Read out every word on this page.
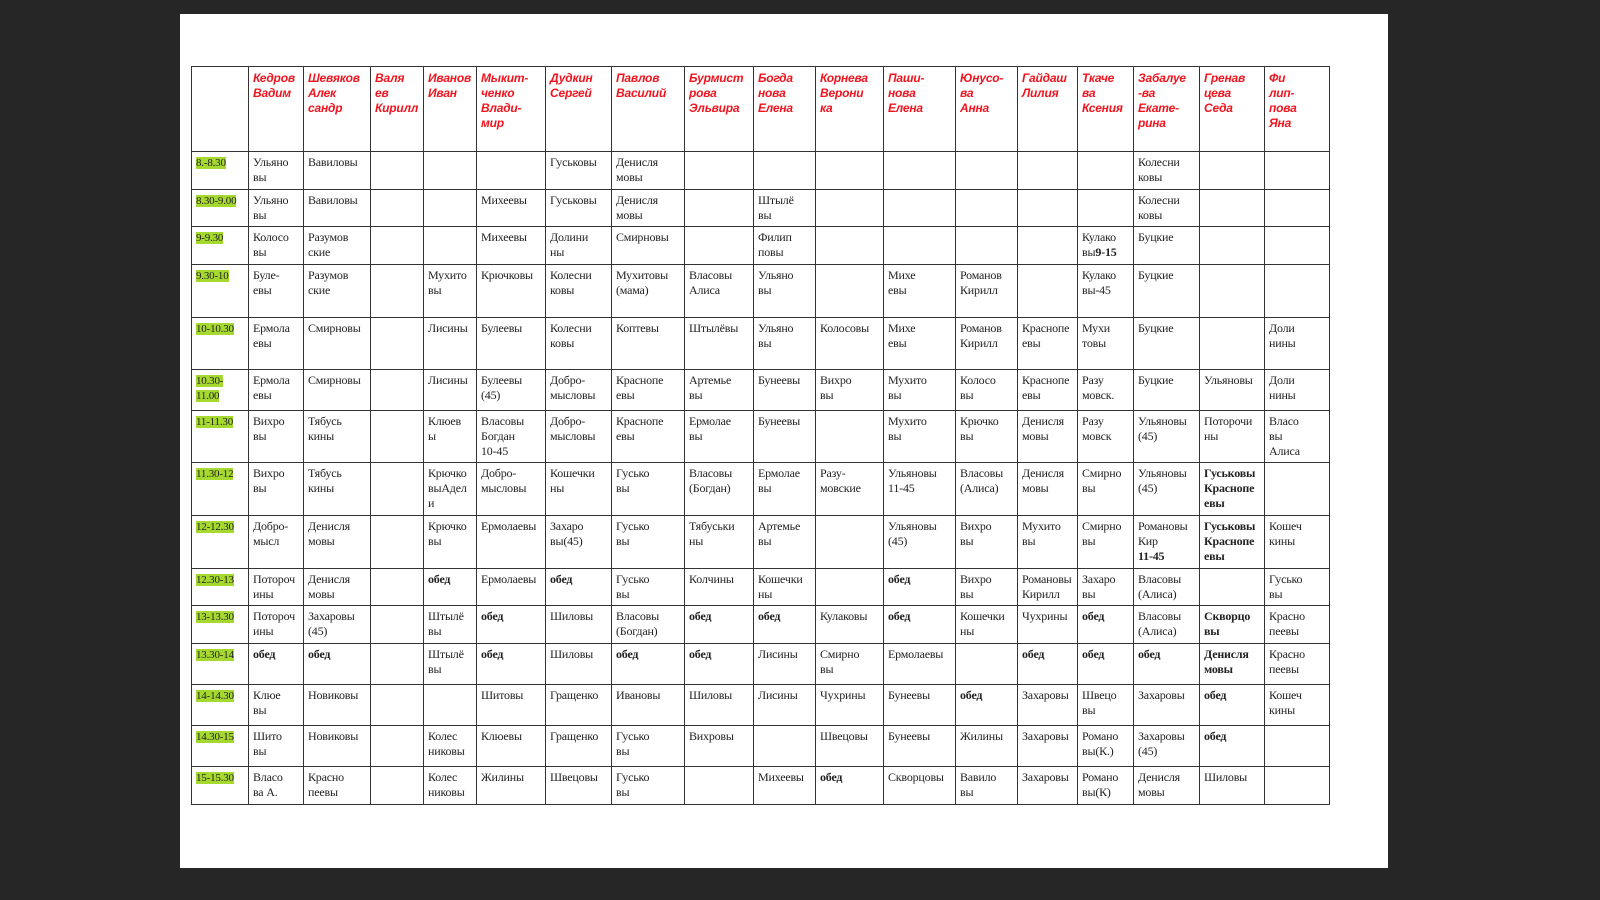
	Кедров
Вадим	Шевяков
Алек
сандр	Валя
ев
Кирилл	Иванов
Иван	Мыкит-
ченко
Влади-
мир	Дудкин
Сергей	Павлов
Василий	Бурмист
рова
Эльвира	Богда
нова
Елена	Корнева
Верони
ка	Паши-
нова
Елена	Юнусо-
ва
Анна	Гайдаш
Лилия	Ткаче
ва
Ксения	Забалуе
-ва
Екате-
рина	Гренав
цева
Седа	Фи
лип-
пова
Яна
8.-8.30	Ульяно
вы	Вавиловы				Гуськовы	Денисля
мовы								Колесни
ковы		
8.30-9.00	Ульяно
вы	Вавиловы			Михеевы	Гуськовы	Денисля
мовы		Штылё
вы						Колесни
ковы		
9-9.30	Колосо
вы	Разумов
ские			Михеевы	Долини
ны	Смирновы		Филип
повы					Кулако
вы9-15	Буцкие		
9.30-10	Буле-
евы	Разумов
ские		Мухито
вы	Крючковы	Колесни
ковы	Мухитовы
(мама)	Власовы
Алиса	Ульяно
вы		Михе
евы	Романов
Кирилл		Кулако
вы-45	Буцкие		
10-10.30	Ермола
евы	Смирновы		Лисины	Булеевы	Колесни
ковы	Коптевы	Штылёвы	Ульяно
вы	Колосовы	Михе
евы	Романов
Кирилл	Краснопе
евы	Мухи
товы	Буцкие		Доли
нины
10.30-
11.00	Ермола
евы	Смирновы		Лисины	Булеевы
(45)	Добро-
мысловы	Краснопе
евы	Артемье
вы	Бунеевы	Вихро
вы	Мухито
вы	Колосо
вы	Краснопе
евы	Разу
мовск.	Буцкие	Ульяновы	Доли
нины
11-11.30	Вихро
вы	Тябусь
кины		Клюев
ы	Власовы
Богдан
10-45	Добро-
мысловы	Краснопе
евы	Ермолае
вы	Бунеевы		Мухито
вы	Крючко
вы	Денисля
мовы	Разу
мовск	Ульяновы
(45)	Поторочи
ны	Власо
вы
Алиса
11.30-12	Вихро
вы	Тябусь
кины		Крючко
выАдел
и	Добро-
мысловы	Кошечки
ны	Гусько
вы	Власовы
(Богдан)	Ермолае
вы	Разу-
мовские	Ульяновы
11-45	Власовы
(Алиса)	Денисля
мовы	Смирно
вы	Ульяновы
(45)	Гуськовы
Краснопе
евы	
12-12.30	Добро-
мысл	Денисля
мовы		Крючко
вы	Ермолаевы	Захаро
вы(45)	Гусько
вы	Тябуськи
ны	Артемье
вы		Ульяновы
(45)	Вихро
вы	Мухито
вы	Смирно
вы	Романовы
Кир
11-45	Гуськовы
Краснопе
евы	Кошеч
кины
12.30-13	Потороч
ины	Денисля
мовы		обед	Ермолаевы	обед	Гусько
вы	Колчины	Кошечки
ны		обед	Вихро
вы	Романовы
Кирилл	Захаро
вы	Власовы
(Алиса)		Гусько
вы
13-13.30	Потороч
ины	Захаровы
(45)		Штылё
вы	обед	Шиловы	Власовы
(Богдан)	обед	обед	Кулаковы	обед	Кошечки
ны	Чухрины	обед	Власовы
(Алиса)	Скворцо
вы	Красно
пеевы
13.30-14	обед	обед		Штылё
вы	обед	Шиловы	обед	обед	Лисины	Смирно
вы	Ермолаевы		обед	обед	обед	Денисля
мовы	Красно
пеевы
14-14.30	Клюе
вы	Новиковы			Шитовы	Гращенко	Ивановы	Шиловы	Лисины	Чухрины	Бунеевы	обед	Захаровы	Швецо
вы	Захаровы	обед	Кошеч
кины
14.30-15	Шито
вы	Новиковы		Колес
никовы	Клюевы	Гращенко	Гусько
вы	Вихровы		Швецовы	Бунеевы	Жилины	Захаровы	Романо
вы(К.)	Захаровы
(45)	обед	
15-15.30	Власо
ва А.	Красно
пеевы		Колес
никовы	Жилины	Швецовы	Гусько
вы		Михеевы	обед	Скворцовы	Вавило
вы	Захаровы	Романо
вы(К)	Денисля
мовы	Шиловы	
